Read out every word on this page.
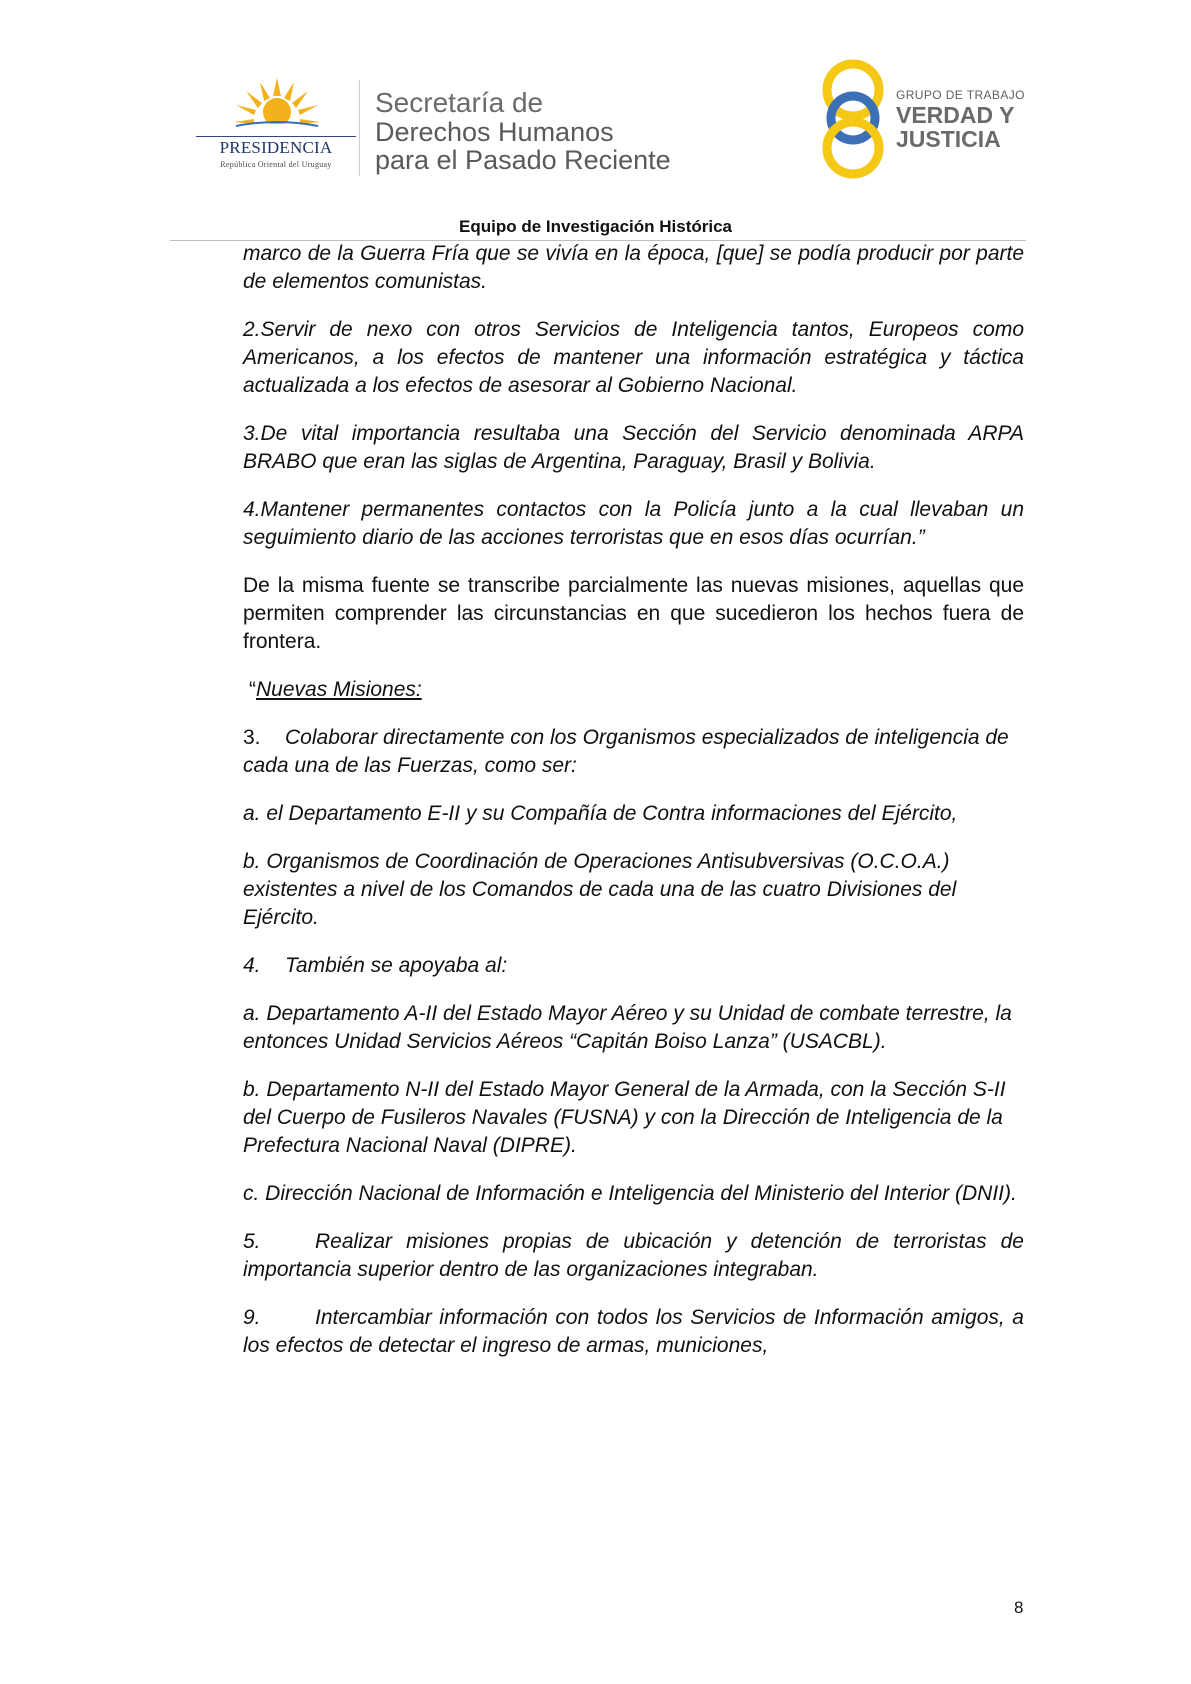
PRESIDENCIA
República Oriental del Uruguay
Secretaría de
Derechos Humanos
para el Pasado Reciente
GRUPO DE TRABAJO
VERDAD Y
JUSTICIA
Equipo de Investigación Histórica

marco de la Guerra Fría que se vivía en la época, [que] se podía producir por parte de elementos comunistas.

2.Servir de nexo con otros Servicios de Inteligencia tantos, Europeos como Americanos, a los efectos de mantener una información estratégica y táctica actualizada a los efectos de asesorar al Gobierno Nacional.

3.De vital importancia resultaba una Sección del Servicio denominada ARPA BRABO que eran las siglas de Argentina, Paraguay, Brasil y Bolivia.

4.Mantener permanentes contactos con la Policía junto a la cual llevaban un seguimiento diario de las acciones terroristas que en esos días ocurrían.”

De la misma fuente se transcribe parcialmente las nuevas misiones, aquellas que permiten comprender las circunstancias en que sucedieron los hechos fuera de frontera.

“Nuevas Misiones:

3. Colaborar directamente con los Organismos especializados de inteligencia de cada una de las Fuerzas, como ser:

a. el Departamento E-II y su Compañía de Contra informaciones del Ejército,

b. Organismos de Coordinación de Operaciones Antisubversivas (O.C.O.A.) existentes a nivel de los Comandos de cada una de las cuatro Divisiones del Ejército.

4. También se apoyaba al:

a. Departamento A-II del Estado Mayor Aéreo y su Unidad de combate terrestre, la entonces Unidad Servicios Aéreos “Capitán Boiso Lanza” (USACBL).

b. Departamento N-II del Estado Mayor General de la Armada, con la Sección S-II del Cuerpo de Fusileros Navales (FUSNA) y con la Dirección de Inteligencia de la Prefectura Nacional Naval (DIPRE).

c. Dirección Nacional de Información e Inteligencia del Ministerio del Interior (DNII).

5.	Realizar misiones propias de ubicación y detención de terroristas de importancia superior dentro de las organizaciones integraban.

9.	Intercambiar información con todos los Servicios de Información amigos, a los efectos de detectar el ingreso de armas, municiones,

8
